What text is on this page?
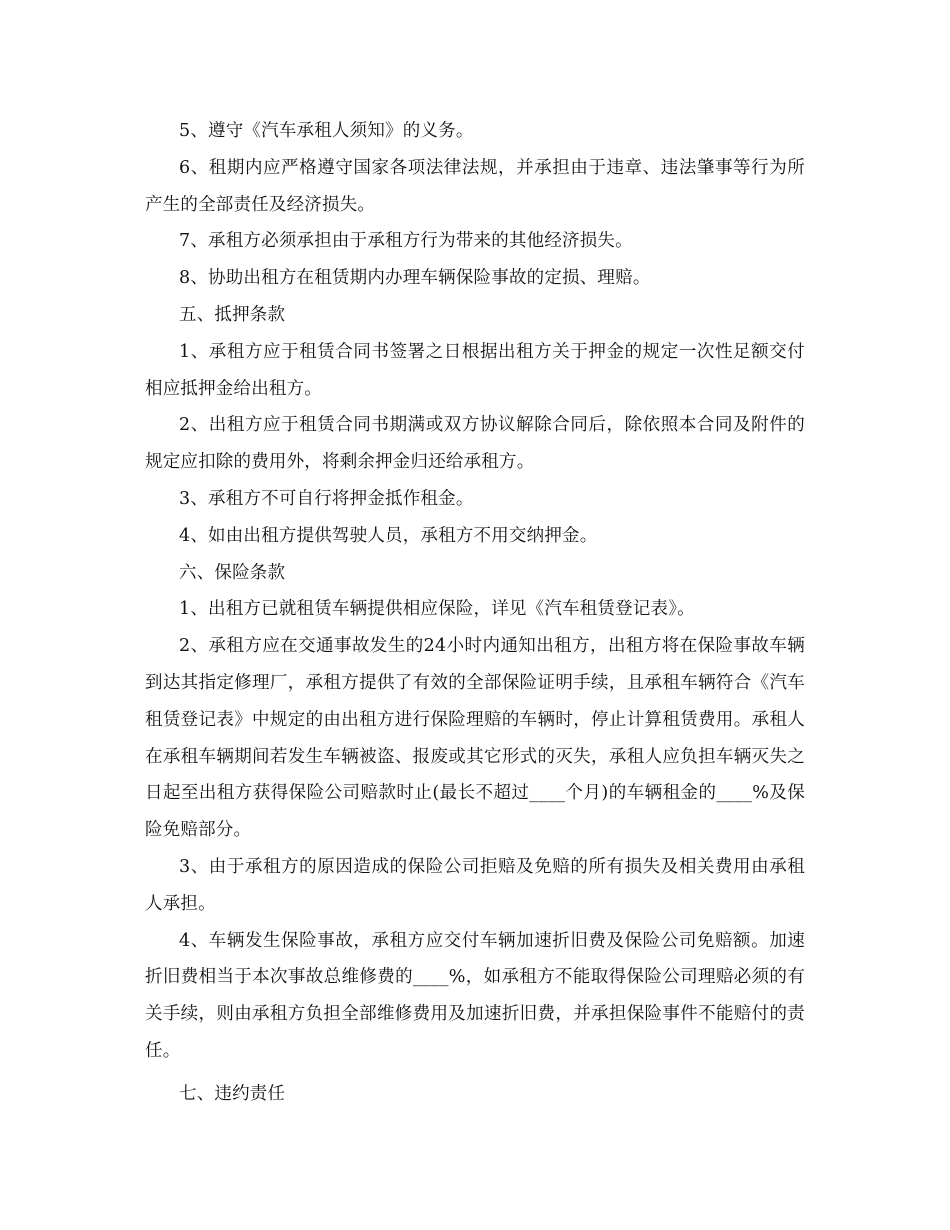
5、遵守《汽车承租人须知》的义务。

6、租期内应严格遵守国家各项法律法规，并承担由于违章、违法肇事等行为所产生的全部责任及经济损失。

7、承租方必须承担由于承租方行为带来的其他经济损失。

8、协助出租方在租赁期内办理车辆保险事故的定损、理赔。

五、抵押条款

1、承租方应于租赁合同书签署之日根据出租方关于押金的规定一次性足额交付相应抵押金给出租方。

2、出租方应于租赁合同书期满或双方协议解除合同后，除依照本合同及附件的规定应扣除的费用外，将剩余押金归还给承租方。

3、承租方不可自行将押金抵作租金。

4、如由出租方提供驾驶人员，承租方不用交纳押金。

六、保险条款

1、出租方已就租赁车辆提供相应保险，详见《汽车租赁登记表》。

2、承租方应在交通事故发生的24小时内通知出租方，出租方将在保险事故车辆到达其指定修理厂，承租方提供了有效的全部保险证明手续，且承租车辆符合《汽车租赁登记表》中规定的由出租方进行保险理赔的车辆时，停止计算租赁费用。承租人在承租车辆期间若发生车辆被盗、报废或其它形式的灭失，承租人应负担车辆灭失之日起至出租方获得保险公司赔款时止(最长不超过____个月)的车辆租金的____%及保险免赔部分。

3、由于承租方的原因造成的保险公司拒赔及免赔的所有损失及相关费用由承租人承担。

4、车辆发生保险事故，承租方应交付车辆加速折旧费及保险公司免赔额。加速折旧费相当于本次事故总维修费的____%，如承租方不能取得保险公司理赔必须的有关手续，则由承租方负担全部维修费用及加速折旧费，并承担保险事件不能赔付的责任。

七、违约责任
